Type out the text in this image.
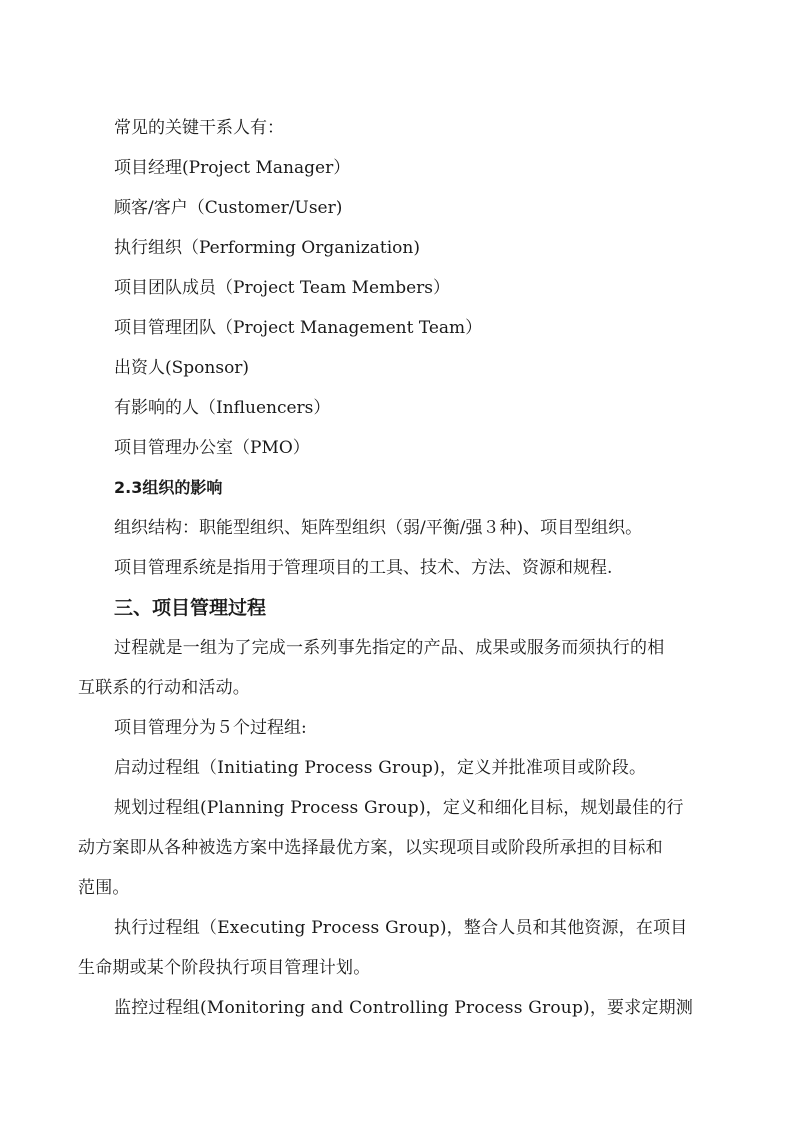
常见的关键干系人有：
项目经理(Project Manager）
顾客/客户（Customer/User)
执行组织（Performing Organization)
项目团队成员（Project Team Members）
项目管理团队（Project Management Team）
出资人(Sponsor)
有影响的人（Influencers）
项目管理办公室（PMO）
2.3组织的影响
组织结构：职能型组织、矩阵型组织（弱/平衡/强３种)、项目型组织。
项目管理系统是指用于管理项目的工具、技术、方法、资源和规程.
三、项目管理过程
过程就是一组为了完成一系列事先指定的产品、成果或服务而须执行的相
互联系的行动和活动。
项目管理分为５个过程组:
启动过程组（Initiating Process Group)，定义并批准项目或阶段。
规划过程组(Planning Process Group)，定义和细化目标，规划最佳的行
动方案即从各种被选方案中选择最优方案，以实现项目或阶段所承担的目标和
范围。
执行过程组（Executing Process Group)，整合人员和其他资源，在项目
生命期或某个阶段执行项目管理计划。
监控过程组(Monitoring and Controlling Process Group)，要求定期测
